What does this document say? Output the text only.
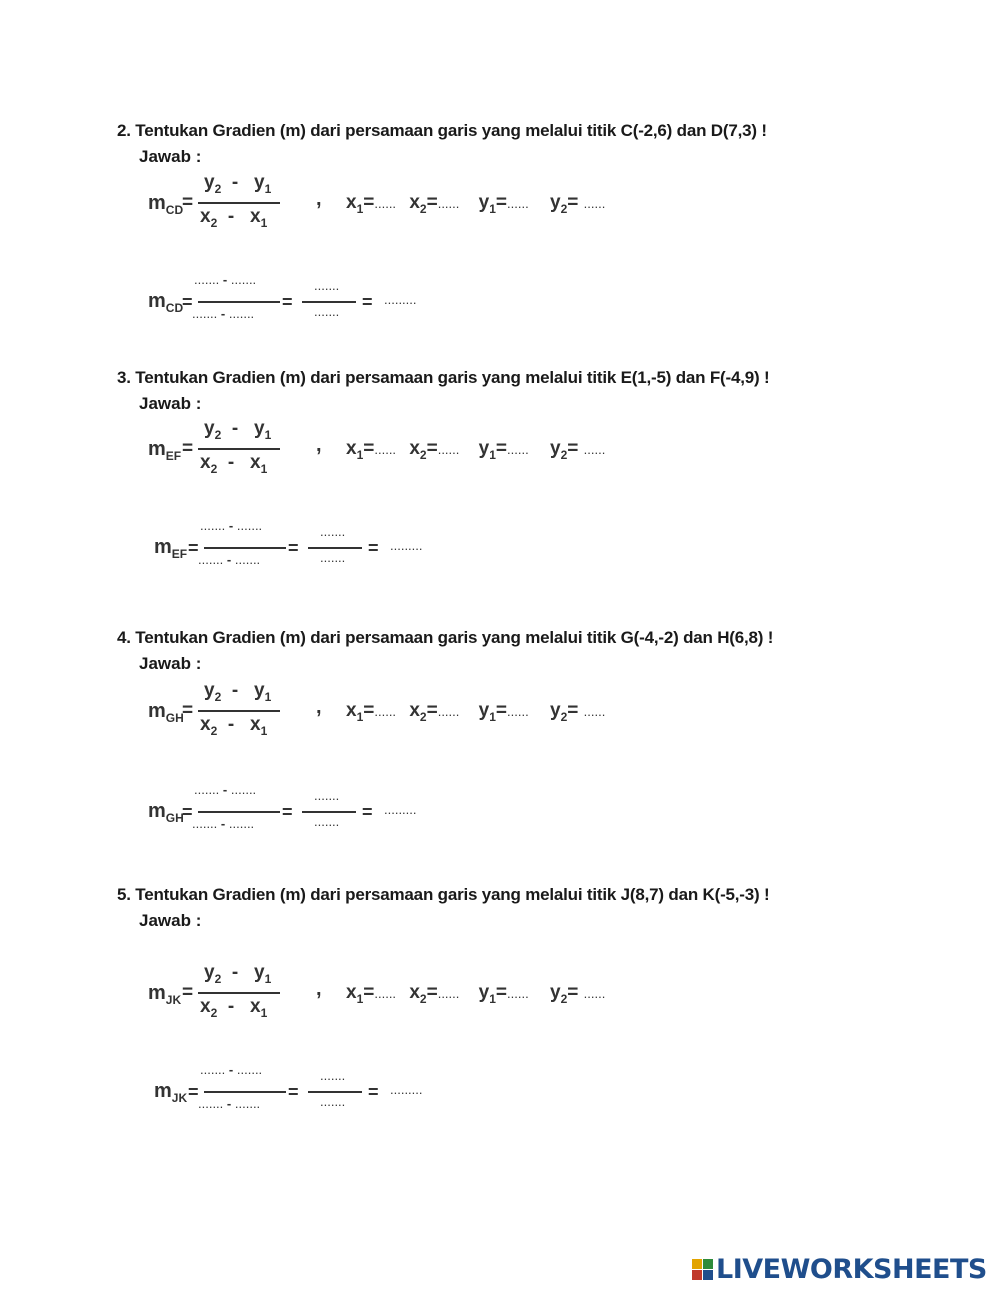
2. Tentukan Gradien (m) dari persamaan garis yang melalui titik C(-2,6) dan D(7,3) !
Jawab :
$m_{CD}$
=
$y_2 - y_1$
$x_2 - x_1$
, $x_1=$...... $x_2=$...... $y_1=$...... $y_2=$ ......
$m_{CD}$
=
....... - .......
....... - .......
=
.......
....... = .........
3. Tentukan Gradien (m) dari persamaan garis yang melalui titik E(1,-5) dan F(-4,9) !
Jawab :
$m_{EF}$ =
$y_2 - y_1$
$x_2 - x_1$
, $x_1=$...... $x_2=$...... $y_1=$...... $y_2=$ ......
$m_{EF}$ =
....... - .......
....... - .......
=
.......
....... = .........
4. Tentukan Gradien (m) dari persamaan garis yang melalui titik G(-4,-2) dan H(6,8) !
Jawab :
$m_{GH}$
=
$y_2 - y_1$
$x_2 - x_1$
, $x_1=$...... $x_2=$...... $y_1=$...... $y_2=$ ......
$m_{GH}$
=
....... - .......
....... - .......
=
.......
....... = .........
5. Tentukan Gradien (m) dari persamaan garis yang melalui titik J(8,7) dan K(-5,-3) !
Jawab :
$m_{JK}$ =
$y_2 - y_1$
$x_2 - x_1$
, $x_1=$...... $x_2=$...... $y_1=$...... $y_2=$ ......
$m_{JK}$ =
....... - .......
....... - .......
=
.......
....... = .........
LIVEWORKSHEETS
